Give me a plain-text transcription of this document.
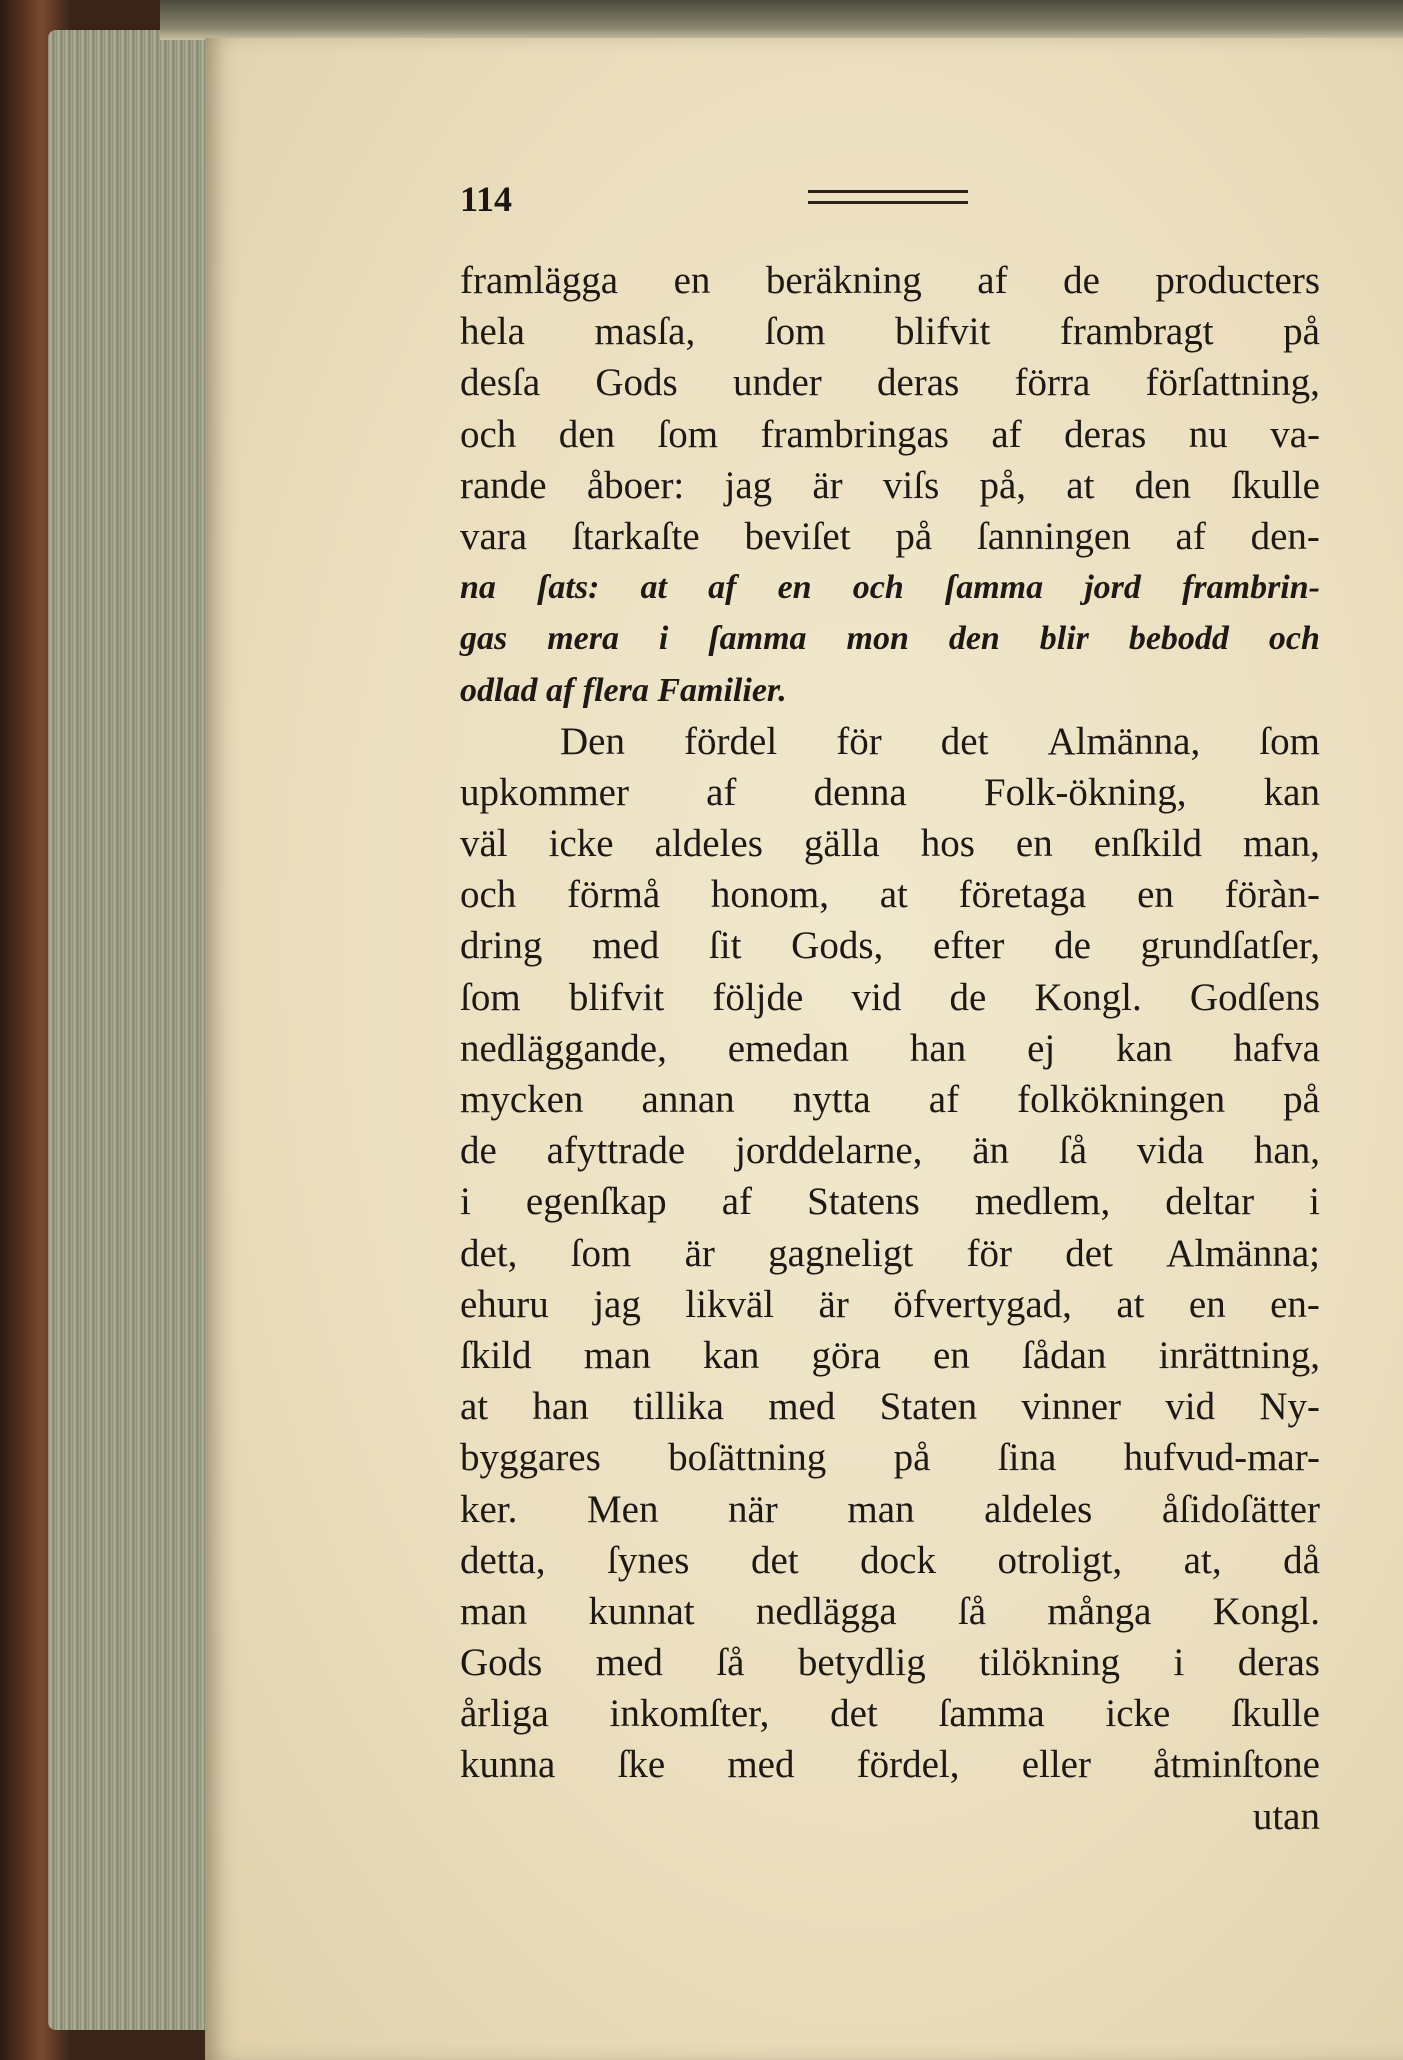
114
framlägga en beräkning af de producters
hela masſa, ſom blifvit frambragt på
desſa Gods under deras förra förſattning,
och den ſom frambringas af deras nu va-
rande åboer: jag är viſs på, at den ſkulle
vara ſtarkaſte beviſet på ſanningen af den-
na ſats: at af en och ſamma jord frambrin-
gas mera i ſamma mon den blir bebodd och
odlad af flera Familier.
Den fördel för det Almänna, ſom
upkommer af denna Folk-ökning, kan
väl icke aldeles gälla hos en enſkild man,
och förmå honom, at företaga en föràn-
dring med ſit Gods, efter de grundſatſer,
ſom blifvit följde vid de Kongl. Godſens
nedläggande, emedan han ej kan hafva
mycken annan nytta af folkökningen på
de afyttrade jorddelarne, än ſå vida han,
i egenſkap af Statens medlem, deltar i
det, ſom är gagneligt för det Almänna;
ehuru jag likväl är öfvertygad, at en en-
ſkild man kan göra en ſådan inrättning,
at han tillika med Staten vinner vid Ny-
byggares boſättning på ſina hufvud-mar-
ker. Men när man aldeles åſidoſätter
detta, ſynes det dock otroligt, at, då
man kunnat nedlägga ſå många Kongl.
Gods med ſå betydlig tilökning i deras
årliga inkomſter, det ſamma icke ſkulle
kunna ſke med fördel, eller åtminſtone
utan
